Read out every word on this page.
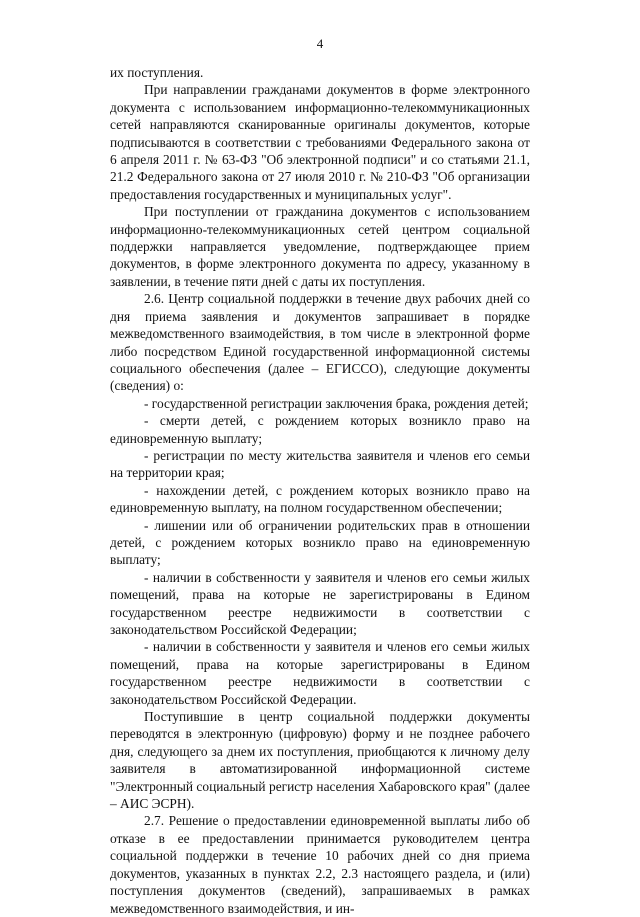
4

их поступления.

При направлении гражданами документов в форме электронного документа с использованием информационно-телекоммуникационных сетей направляются сканированные оригиналы документов, которые подписываются в соответствии с требованиями Федерального закона от 6 апреля 2011 г. № 63-ФЗ "Об электронной подписи" и со статьями 21.1, 21.2 Федерального закона от 27 июля 2010 г. № 210-ФЗ "Об организации предоставления государственных и муниципальных услуг".

При поступлении от гражданина документов с использованием информационно-телекоммуникационных сетей центром социальной поддержки направляется уведомление, подтверждающее прием документов, в форме электронного документа по адресу, указанному в заявлении, в течение пяти дней с даты их поступления.

2.6. Центр социальной поддержки в течение двух рабочих дней со дня приема заявления и документов запрашивает в порядке межведомственного взаимодействия, в том числе в электронной форме либо посредством Единой государственной информационной системы социального обеспечения (далее – ЕГИССО), следующие документы (сведения) о:

- государственной регистрации заключения брака, рождения детей;

- смерти детей, с рождением которых возникло право на единовременную выплату;

- регистрации по месту жительства заявителя и членов его семьи на территории края;

- нахождении детей, с рождением которых возникло право на единовременную выплату, на полном государственном обеспечении;

- лишении или об ограничении родительских прав в отношении детей, с рождением которых возникло право на единовременную выплату;

- наличии в собственности у заявителя и членов его семьи жилых помещений, права на которые не зарегистрированы в Едином государственном реестре недвижимости в соответствии с законодательством Российской Федерации;

- наличии в собственности у заявителя и членов его семьи жилых помещений, права на которые зарегистрированы в Едином государственном реестре недвижимости в соответствии с законодательством Российской Федерации.

Поступившие в центр социальной поддержки документы переводятся в электронную (цифровую) форму и не позднее рабочего дня, следующего за днем их поступления, приобщаются к личному делу заявителя в автоматизированной информационной системе "Электронный социальный регистр населения Хабаровского края" (далее – АИС ЭСРН).

2.7. Решение о предоставлении единовременной выплаты либо об отказе в ее предоставлении принимается руководителем центра социальной поддержки в течение 10 рабочих дней со дня приема документов, указанных в пунктах 2.2, 2.3 настоящего раздела, и (или) поступления документов (сведений), запрашиваемых в рамках межведомственного взаимодействия, и ин-
